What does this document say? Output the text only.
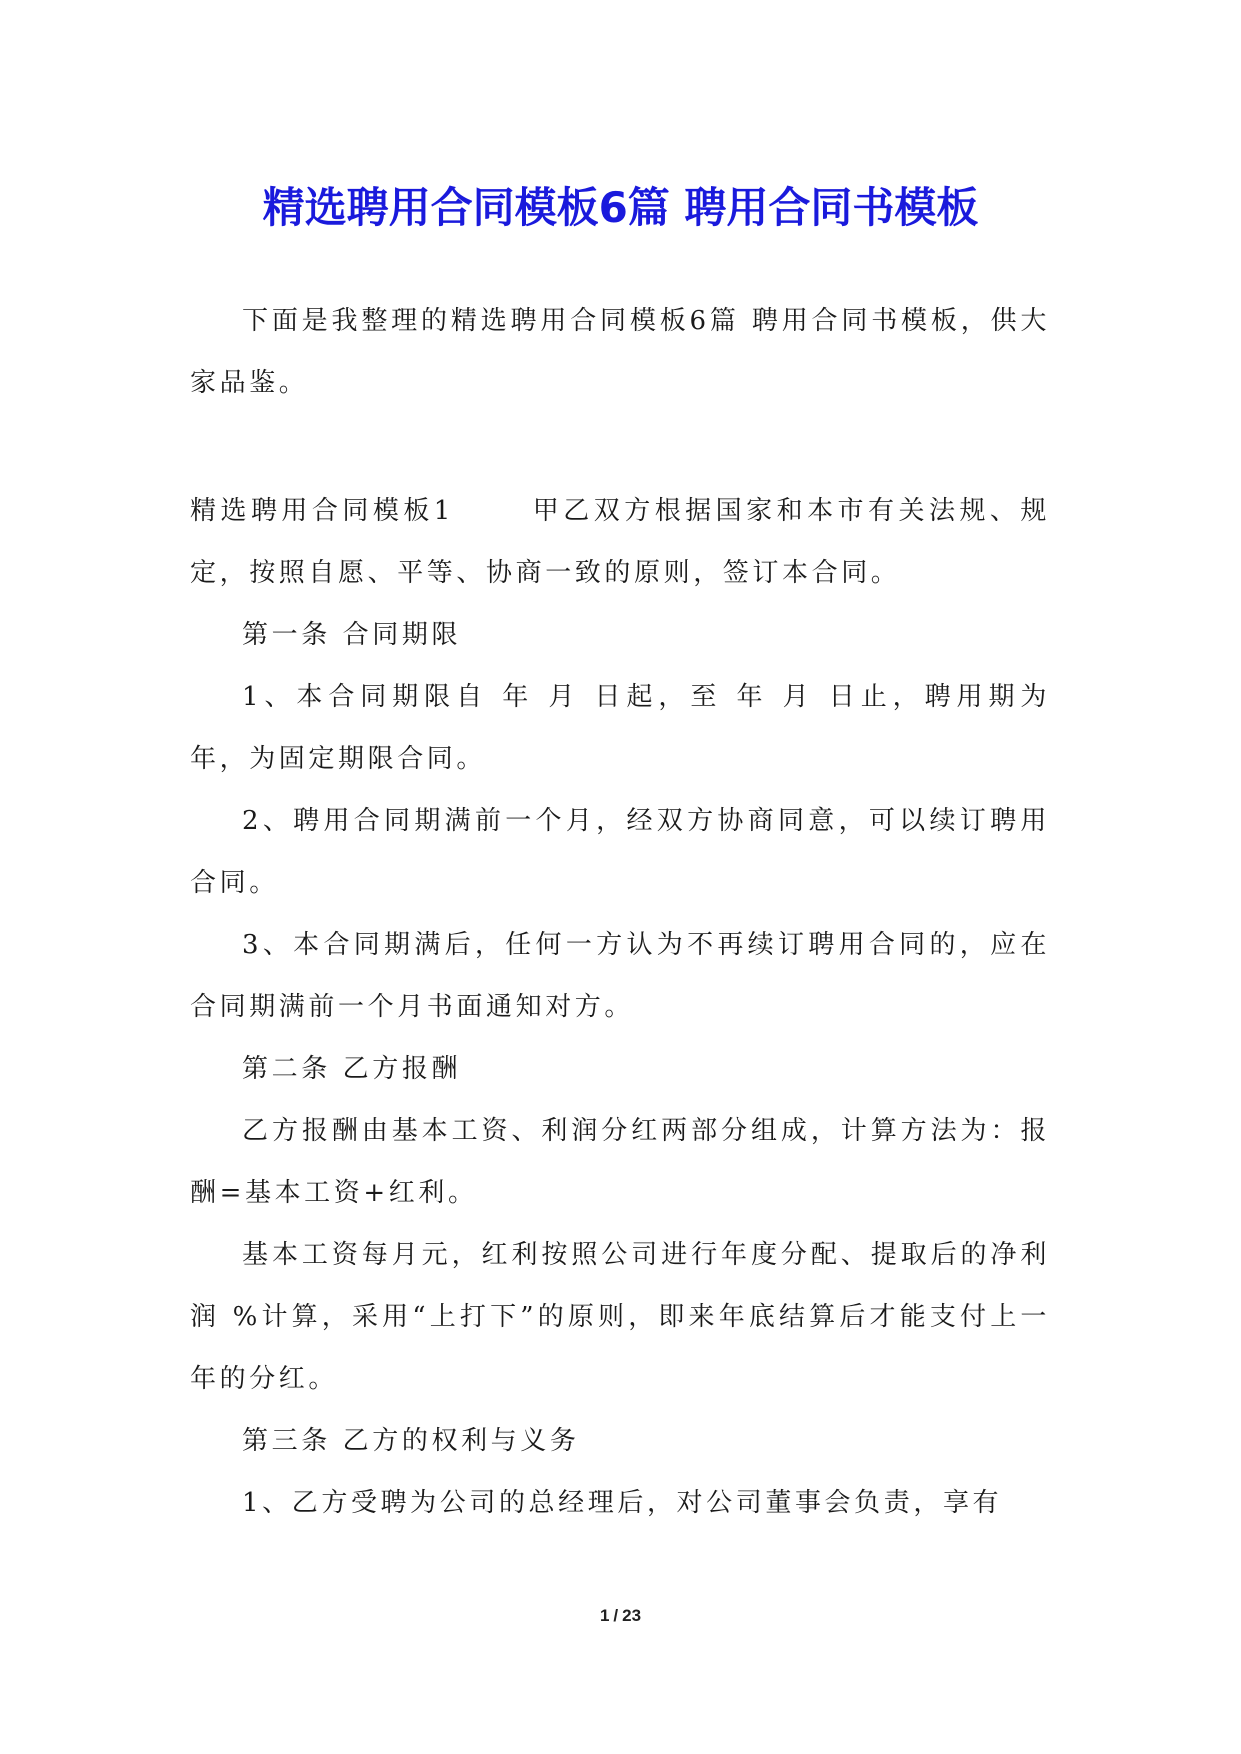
精选聘用合同模板6篇 聘用合同书模板

下面是我整理的精选聘用合同模板6篇 聘用合同书模板，供大家品鉴。

精选聘用合同模板1	甲乙双方根据国家和本市有关法规、规定，按照自愿、平等、协商一致的原则，签订本合同。

第一条 合同期限

1、本合同期限自 年 月 日起，至 年 月 日止，聘用期为 年，为固定期限合同。

2、聘用合同期满前一个月，经双方协商同意，可以续订聘用合同。

3、本合同期满后，任何一方认为不再续订聘用合同的，应在合同期满前一个月书面通知对方。

第二条 乙方报酬

乙方报酬由基本工资、利润分红两部分组成，计算方法为：报酬=基本工资+红利。

基本工资每月元，红利按照公司进行年度分配、提取后的净利润 %计算，采用“上打下”的原则，即来年底结算后才能支付上一年的分红。

第三条 乙方的权利与义务

1、乙方受聘为公司的总经理后，对公司董事会负责，享有

1 / 23
